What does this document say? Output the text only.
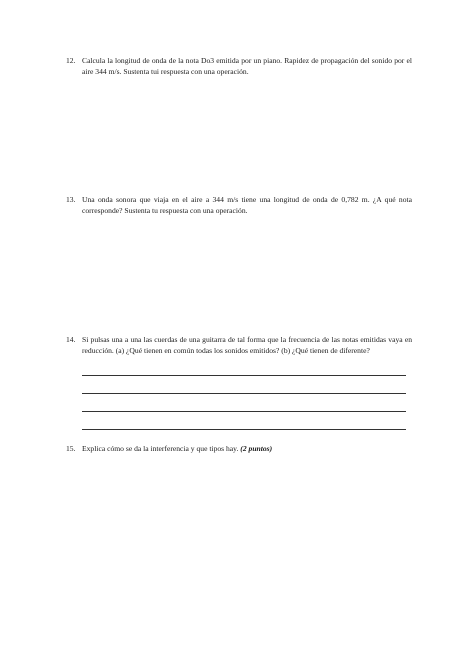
12. Calcula la longitud de onda de la nota Do3 emitida por un piano. Rapidez de propagación del sonido por el aire 344 m/s. Sustenta tui respuesta con una operación.
13. Una onda sonora que viaja en el aire a 344 m/s tiene una longitud de onda de 0,782 m. ¿A qué nota corresponde? Sustenta tu respuesta con una operación.
14. Si pulsas una a una las cuerdas de una guitarra de tal forma que la frecuencia de las notas emitidas vaya en reducción. (a) ¿Qué tienen en común todas los sonidos emitidos? (b) ¿Qué tienen de diferente?
15. Explica cómo se da la interferencia y que tipos hay. (2 puntos)
